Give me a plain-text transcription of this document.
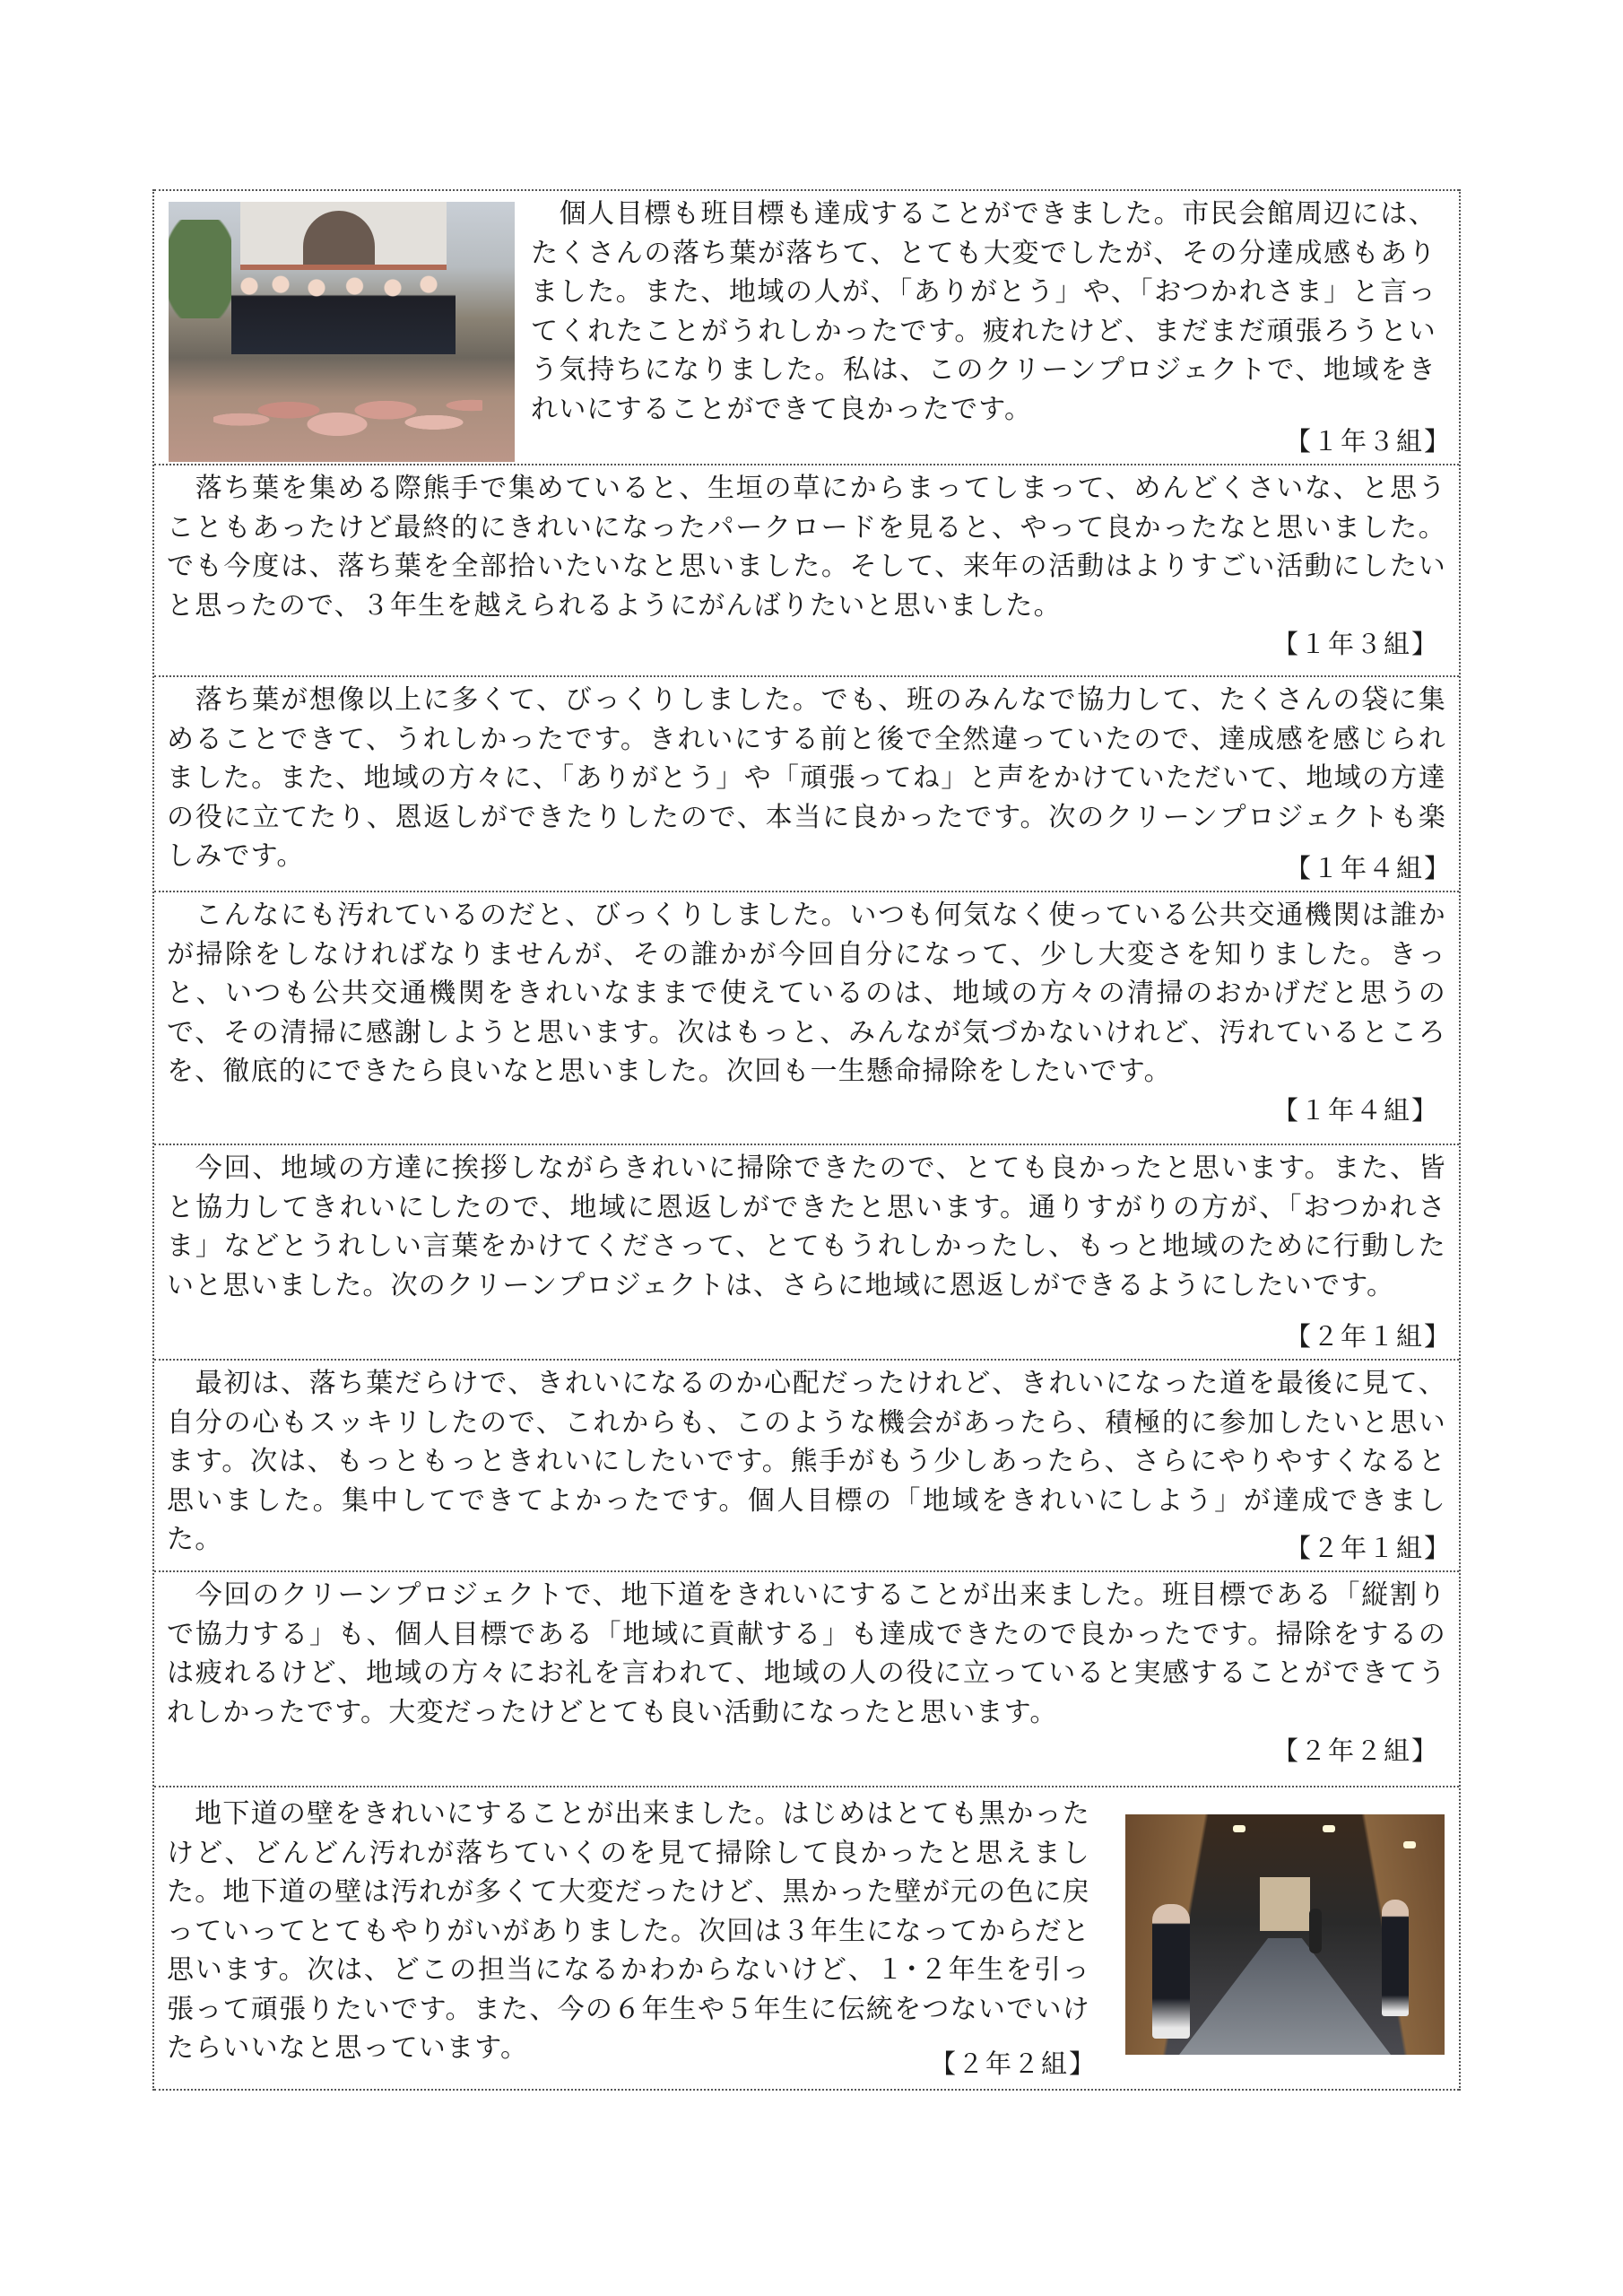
　個人目標も班目標も達成することができました。市民会館周辺には、たくさんの落ち葉が落ちて、とても大変でしたが、その分達成感もありました。また、地域の人が、「ありがとう」や、「おつかれさま」と言ってくれたことがうれしかったです。疲れたけど、まだまだ頑張ろうという気持ちになりました。私は、このクリーンプロジェクトで、地域をきれいにすることができて良かったです。

【１年３組】

　落ち葉を集める際熊手で集めていると、生垣の草にからまってしまって、めんどくさいな、と思うこともあったけど最終的にきれいになったパークロードを見ると、やって良かったなと思いました。でも今度は、落ち葉を全部拾いたいなと思いました。そして、来年の活動はよりすごい活動にしたいと思ったので、３年生を越えられるようにがんばりたいと思いました。

【１年３組】

　落ち葉が想像以上に多くて、びっくりしました。でも、班のみんなで協力して、たくさんの袋に集めることできて、うれしかったです。きれいにする前と後で全然違っていたので、達成感を感じられました。また、地域の方々に、「ありがとう」や「頑張ってね」と声をかけていただいて、地域の方達の役に立てたり、恩返しができたりしたので、本当に良かったです。次のクリーンプロジェクトも楽しみです。	【１年４組】

　こんなにも汚れているのだと、びっくりしました。いつも何気なく使っている公共交通機関は誰かが掃除をしなければなりませんが、その誰かが今回自分になって、少し大変さを知りました。きっと、いつも公共交通機関をきれいなままで使えているのは、地域の方々の清掃のおかげだと思うので、その清掃に感謝しようと思います。次はもっと、みんなが気づかないけれど、汚れているところを、徹底的にできたら良いなと思いました。次回も一生懸命掃除をしたいです。

【１年４組】

　今回、地域の方達に挨拶しながらきれいに掃除できたので、とても良かったと思います。また、皆と協力してきれいにしたので、地域に恩返しができたと思います。通りすがりの方が、「おつかれさま」などとうれしい言葉をかけてくださって、とてもうれしかったし、もっと地域のために行動したいと思いました。次のクリーンプロジェクトは、さらに地域に恩返しができるようにしたいです。

【２年１組】

　最初は、落ち葉だらけで、きれいになるのか心配だったけれど、きれいになった道を最後に見て、自分の心もスッキリしたので、これからも、このような機会があったら、積極的に参加したいと思います。次は、もっともっときれいにしたいです。熊手がもう少しあったら、さらにやりやすくなると思いました。集中してできてよかったです。個人目標の「地域をきれいにしよう」が達成できました。	【２年１組】

　今回のクリーンプロジェクトで、地下道をきれいにすることが出来ました。班目標である「縦割りで協力する」も、個人目標である「地域に貢献する」も達成できたので良かったです。掃除をするのは疲れるけど、地域の方々にお礼を言われて、地域の人の役に立っていると実感することができてうれしかったです。大変だったけどとても良い活動になったと思います。

【２年２組】

　地下道の壁をきれいにすることが出来ました。はじめはとても黒かったけど、どんどん汚れが落ちていくのを見て掃除して良かったと思えました。地下道の壁は汚れが多くて大変だったけど、黒かった壁が元の色に戻っていってとてもやりがいがありました。次回は３年生になってからだと思います。次は、どこの担当になるかわからないけど、１･２年生を引っ張って頑張りたいです。また、今の６年生や５年生に伝統をつないでいけたらいいなと思っています。	【２年２組】
